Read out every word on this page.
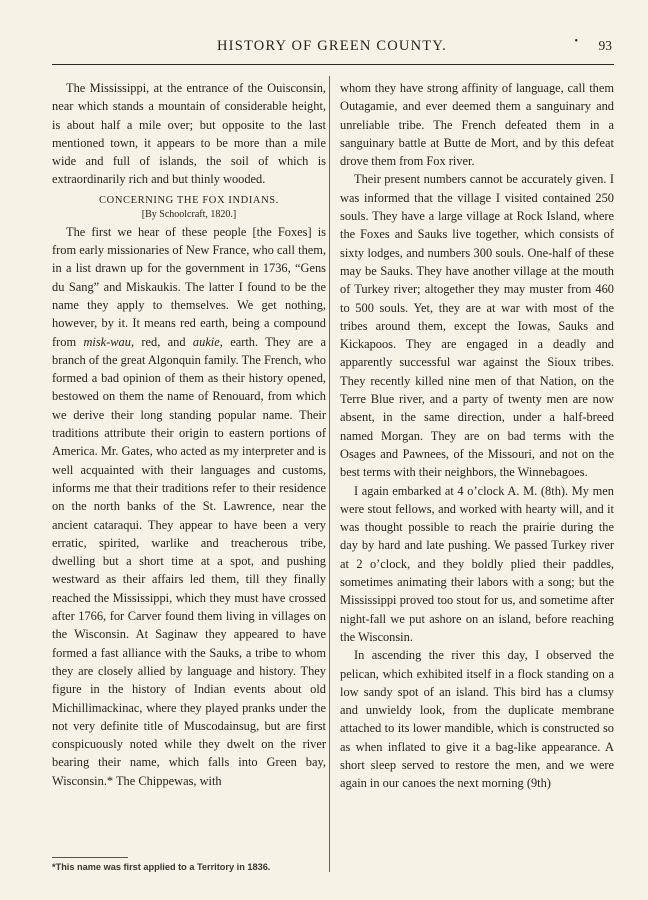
HISTORY OF GREEN COUNTY.	• 93

The Mississippi, at the entrance of the Ouisconsin, near which stands a mountain of considerable height, is about half a mile over; but opposite to the last mentioned town, it appears to be more than a mile wide and full of islands, the soil of which is extraordinarily rich and but thinly wooded.

CONCERNING THE FOX INDIANS.
[By Schoolcraft, 1820.]

The first we hear of these people [the Foxes] is from early missionaries of New France, who call them, in a list drawn up for the government in 1736, “Gens du Sang” and Miskaukis. The latter I found to be the name they apply to themselves. We get nothing, however, by it. It means red earth, being a compound from misk-wau, red, and aukie, earth. They are a branch of the great Algonquin family. The French, who formed a bad opinion of them as their history opened, bestowed on them the name of Renouard, from which we derive their long standing popular name. Their traditions attribute their origin to eastern portions of America. Mr. Gates, who acted as my interpreter and is well acquainted with their languages and customs, informs me that their traditions refer to their residence on the north banks of the St. Lawrence, near the ancient cataraqui. They appear to have been a very erratic, spirited, warlike and treacherous tribe, dwelling but a short time at a spot, and pushing westward as their affairs led them, till they finally reached the Mississippi, which they must have crossed after 1766, for Carver found them living in villages on the Wisconsin. At Saginaw they appeared to have formed a fast alliance with the Sauks, a tribe to whom they are closely allied by language and history. They figure in the history of Indian events about old Michillimackinac, where they played pranks under the not very definite title of Muscodainsug, but are first conspicuously noted while they dwelt on the river bearing their name, which falls into Green bay, Wisconsin.* The Chippewas, with

whom they have strong affinity of language, call them Outagamie, and ever deemed them a sanguinary and unreliable tribe. The French defeated them in a sanguinary battle at Butte de Mort, and by this defeat drove them from Fox river.

Their present numbers cannot be accurately given. I was informed that the village I visited contained 250 souls. They have a large village at Rock Island, where the Foxes and Sauks live together, which consists of sixty lodges, and numbers 300 souls. One-half of these may be Sauks. They have another village at the mouth of Turkey river; altogether they may muster from 460 to 500 souls. Yet, they are at war with most of the tribes around them, except the Iowas, Sauks and Kickapoos. They are engaged in a deadly and apparently successful war against the Sioux tribes. They recently killed nine men of that Nation, on the Terre Blue river, and a party of twenty men are now absent, in the same direction, under a half-breed named Morgan. They are on bad terms with the Osages and Pawnees, of the Missouri, and not on the best terms with their neighbors, the Winnebagoes.

I again embarked at 4 o’clock A. M. (8th). My men were stout fellows, and worked with hearty will, and it was thought possible to reach the prairie during the day by hard and late pushing. We passed Turkey river at 2 o’clock, and they boldly plied their paddles, sometimes animating their labors with a song; but the Mississippi proved too stout for us, and sometime after night-fall we put ashore on an island, before reaching the Wisconsin.

In ascending the river this day, I observed the pelican, which exhibited itself in a flock standing on a low sandy spot of an island. This bird has a clumsy and unwieldy look, from the duplicate membrane attached to its lower mandible, which is constructed so as when inflated to give it a bag-like appearance. A short sleep served to restore the men, and we were again in our canoes the next morning (9th)

*This name was first applied to a Territory in 1836.
